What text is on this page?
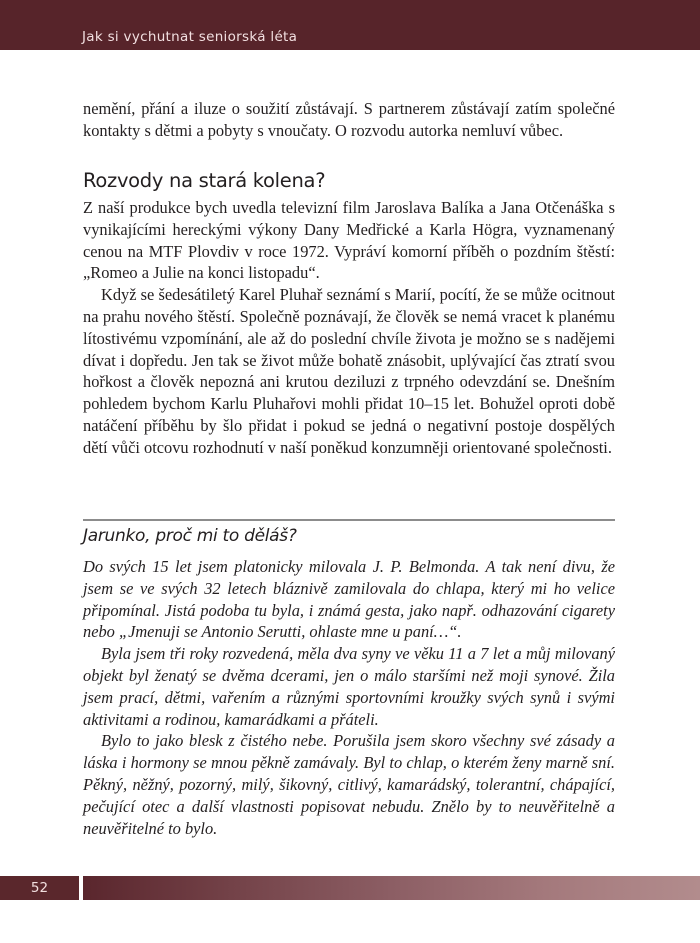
Jak si vychutnat seniorská léta

nemění, přání a iluze o soužití zůstávají. S partnerem zůstávají zatím společné kontakty s dětmi a pobyty s vnoučaty. O rozvodu autorka nemluví vůbec.

Rozvody na stará kolena?

Z naší produkce bych uvedla televizní film Jaroslava Balíka a Jana Otčenáška s vynikajícími hereckými výkony Dany Medřické a Karla Högra, vyznamenaný cenou na MTF Plovdiv v roce 1972. Vypráví komorní příběh o pozdním štěstí: „Romeo a Julie na konci listopadu“.

Když se šedesátiletý Karel Pluhař seznámí s Marií, pocítí, že se může ocitnout na prahu nového štěstí. Společně poznávají, že člověk se nemá vracet k planému lítostivému vzpomínání, ale až do poslední chvíle života je možno se s nadějemi dívat i dopředu. Jen tak se život může bohatě znásobit, uplývající čas ztratí svou hořkost a člověk nepozná ani krutou deziluzi z trpného odevzdání se. Dnešním pohledem bychom Karlu Pluhařovi mohli přidat 10–15 let. Bohužel oproti době natáčení příběhu by šlo přidat i pokud se jedná o negativní postoje dospělých dětí vůči otcovu rozhodnutí v naší poněkud konzumněji orientované společnosti.

Jarunko, proč mi to děláš?

Do svých 15 let jsem platonicky milovala J. P. Belmonda. A tak není divu, že jsem se ve svých 32 letech bláznivě zamilovala do chlapa, který mi ho velice připomínal. Jistá podoba tu byla, i známá gesta, jako např. odhazování cigarety nebo „Jmenuji se Antonio Serutti, ohlaste mne u paní…“.

Byla jsem tři roky rozvedená, měla dva syny ve věku 11 a 7 let a můj milovaný objekt byl ženatý se dvěma dcerami, jen o málo staršími než moji synové. Žila jsem prací, dětmi, vařením a různými sportovními kroužky svých synů i svými aktivitami a rodinou, kamarádkami a přáteli.

Bylo to jako blesk z čistého nebe. Porušila jsem skoro všechny své zásady a láska i hormony se mnou pěkně zamávaly. Byl to chlap, o kterém ženy marně sní. Pěkný, něžný, pozorný, milý, šikovný, citlivý, kamarádský, tolerantní, chápající, pečující otec a další vlastnosti popisovat nebudu. Znělo by to neuvěřitelně a neuvěřitelné to bylo.

52
